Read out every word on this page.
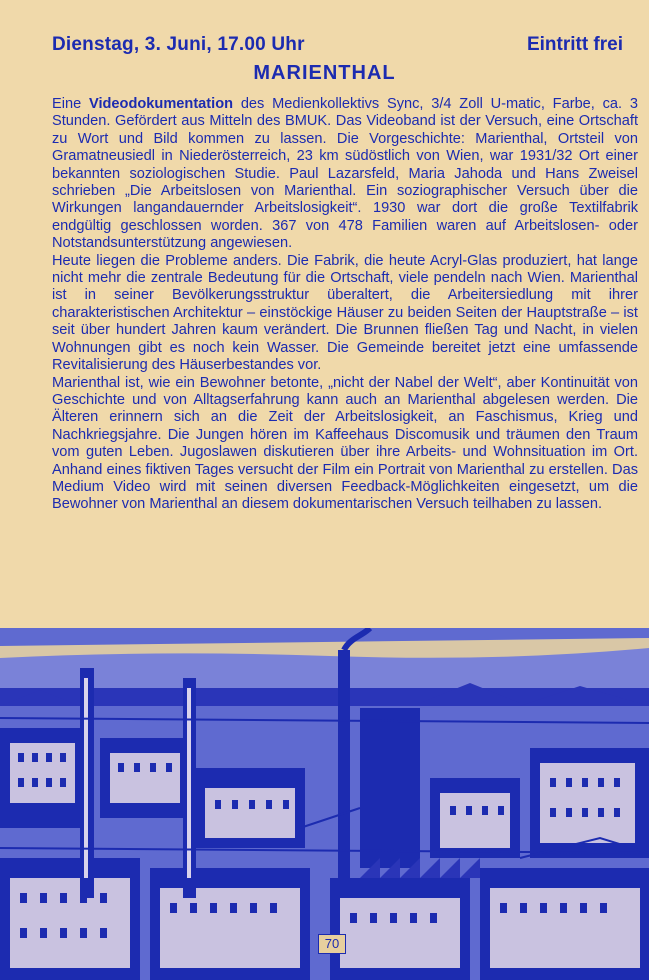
Dienstag, 3. Juni, 17.00 Uhr	Eintritt frei
MARIENTHAL

Eine Videodokumentation des Medienkollektivs Sync, 3/4 Zoll U-matic, Farbe, ca. 3 Stunden. Gefördert aus Mitteln des BMUK. Das Videoband ist der Versuch, eine Ortschaft zu Wort und Bild kommen zu lassen. Die Vorgeschichte: Marienthal, Ortsteil von Gramatneusiedl in Niederösterreich, 23 km südöstlich von Wien, war 1931/32 Ort einer bekannten soziologischen Studie. Paul Lazarsfeld, Maria Jahoda und Hans Zweisel schrieben „Die Arbeitslosen von Marienthal. Ein soziographischer Versuch über die Wirkungen langandauernder Arbeitslosigkeit“. 1930 war dort die große Textilfabrik endgültig geschlossen worden. 367 von 478 Familien waren auf Arbeitslosen- oder Notstandsunterstützung angewiesen.

Heute liegen die Probleme anders. Die Fabrik, die heute Acryl-Glas produziert, hat lange nicht mehr die zentrale Bedeutung für die Ortschaft, viele pendeln nach Wien. Marienthal ist in seiner Bevölkerungsstruktur überaltert, die Arbeitersiedlung mit ihrer charakteristischen Architektur – einstöckige Häuser zu beiden Seiten der Hauptstraße – ist seit über hundert Jahren kaum verändert. Die Brunnen fließen Tag und Nacht, in vielen Wohnungen gibt es noch kein Wasser. Die Gemeinde bereitet jetzt eine umfassende Revitalisierung des Häuserbestandes vor.

Marienthal ist, wie ein Bewohner betonte, „nicht der Nabel der Welt“, aber Kontinuität von Geschichte und von Alltagserfahrung kann auch an Marienthal abgelesen werden. Die Älteren erinnern sich an die Zeit der Arbeitslosigkeit, an Faschismus, Krieg und Nachkriegsjahre. Die Jungen hören im Kaffeehaus Discomusik und träumen den Traum vom guten Leben. Jugoslawen diskutieren über ihre Arbeits- und Wohnsituation im Ort. Anhand eines fiktiven Tages versucht der Film ein Portrait von Marienthal zu erstellen. Das Medium Video wird mit seinen diversen Feedback-Möglichkeiten eingesetzt, um die Bewohner von Marienthal an diesem dokumentarischen Versuch teilhaben zu lassen.

70
